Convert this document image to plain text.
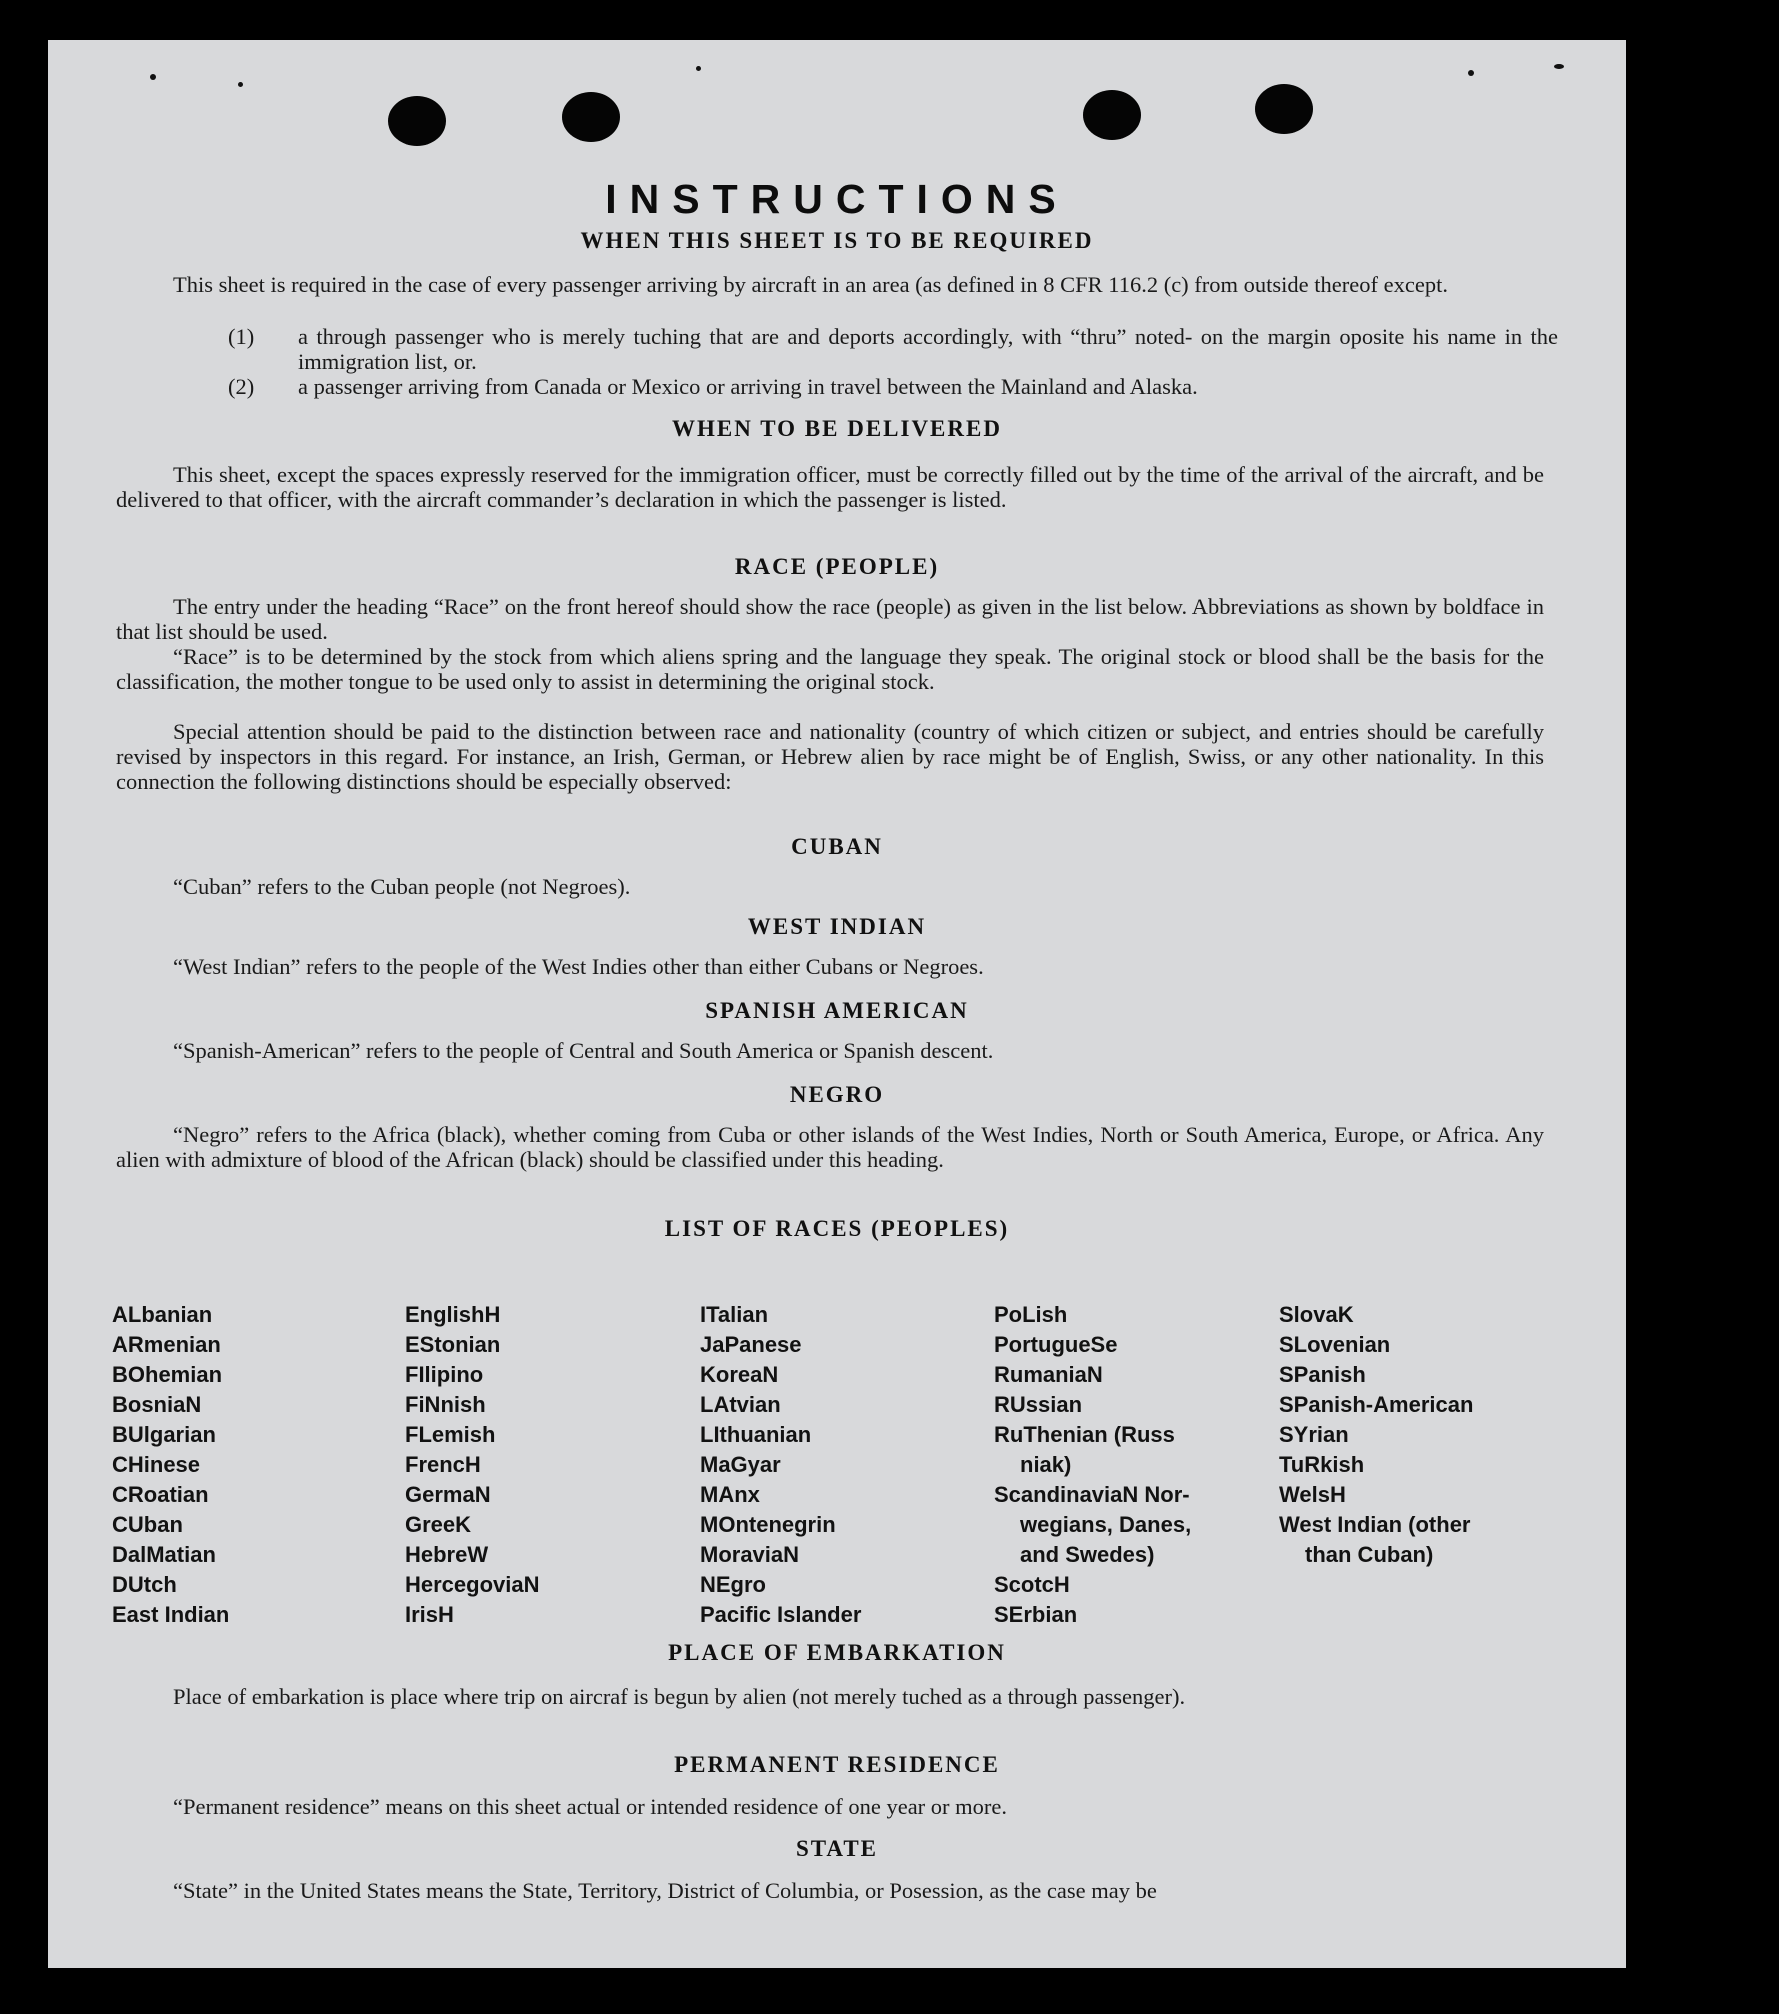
INSTRUCTIONS
WHEN THIS SHEET IS TO BE REQUIRED

This sheet is required in the case of every passenger arriving by aircraft in an area (as defined in 8 CFR 116.2 (c) from outside thereof except.

(1) a through passenger who is merely tuching that are and deports accordingly, with “thru” noted- on the margin oposite his name in the immigration list, or.
(2) a passenger arriving from Canada or Mexico or arriving in travel between the Mainland and Alaska.
WHEN TO BE DELIVERED

This sheet, except the spaces expressly reserved for the immigration officer, must be correctly filled out by the time of the arrival of the aircraft, and be delivered to that officer, with the aircraft commander’s declaration in which the passenger is listed.

RACE (PEOPLE)

The entry under the heading “Race” on the front hereof should show the race (people) as given in the list below. Abbreviations as shown by boldface in that list should be used.

“Race” is to be determined by the stock from which aliens spring and the language they speak. The original stock or blood shall be the basis for the classification, the mother tongue to be used only to assist in determining the original stock.

Special attention should be paid to the distinction between race and nationality (country of which citizen or subject, and entries should be carefully revised by inspectors in this regard. For instance, an Irish, German, or Hebrew alien by race might be of English, Swiss, or any other nationality. In this connection the following distinctions should be especially observed:

CUBAN

“Cuban” refers to the Cuban people (not Negroes).

WEST INDIAN

“West Indian” refers to the people of the West Indies other than either Cubans or Negroes.

SPANISH AMERICAN

“Spanish-American” refers to the people of Central and South America or Spanish descent.

NEGRO

“Negro” refers to the Africa (black), whether coming from Cuba or other islands of the West Indies, North or South America, Europe, or Africa. Any alien with admixture of blood of the African (black) should be classified under this heading.

LIST OF RACES (PEOPLES)
ALbanian
ARmenian
BOhemian
BosniaN
BUlgarian
CHinese
CRoatian
CUban
DalMatian
DUtch
East Indian
EnglishH
EStonian
FIlipino
FiNnish
FLemish
FrencH
GermaN
GreeK
HebreW
HercegoviaN
IrisH
ITalian
JaPanese
KoreaN
LAtvian
LIthuanian
MaGyar
MAnx
MOntenegrin
MoraviaN
NEgro
Pacific Islander
PoLish
PortugueSe
RumaniaN
RUssian
RuThenian (Russ
niak)
ScandinaviaN Nor-
wegians, Danes,
and Swedes)
ScotcH
SErbian
SlovaK
SLovenian
SPanish
SPanish-American
SYrian
TuRkish
WelsH
West Indian (other
than Cuban)
PLACE OF EMBARKATION

Place of embarkation is place where trip on aircraf is begun by alien (not merely tuched as a through passenger).

PERMANENT RESIDENCE

“Permanent residence” means on this sheet actual or intended residence of one year or more.

STATE

“State” in the United States means the State, Territory, District of Columbia, or Posession, as the case may be
